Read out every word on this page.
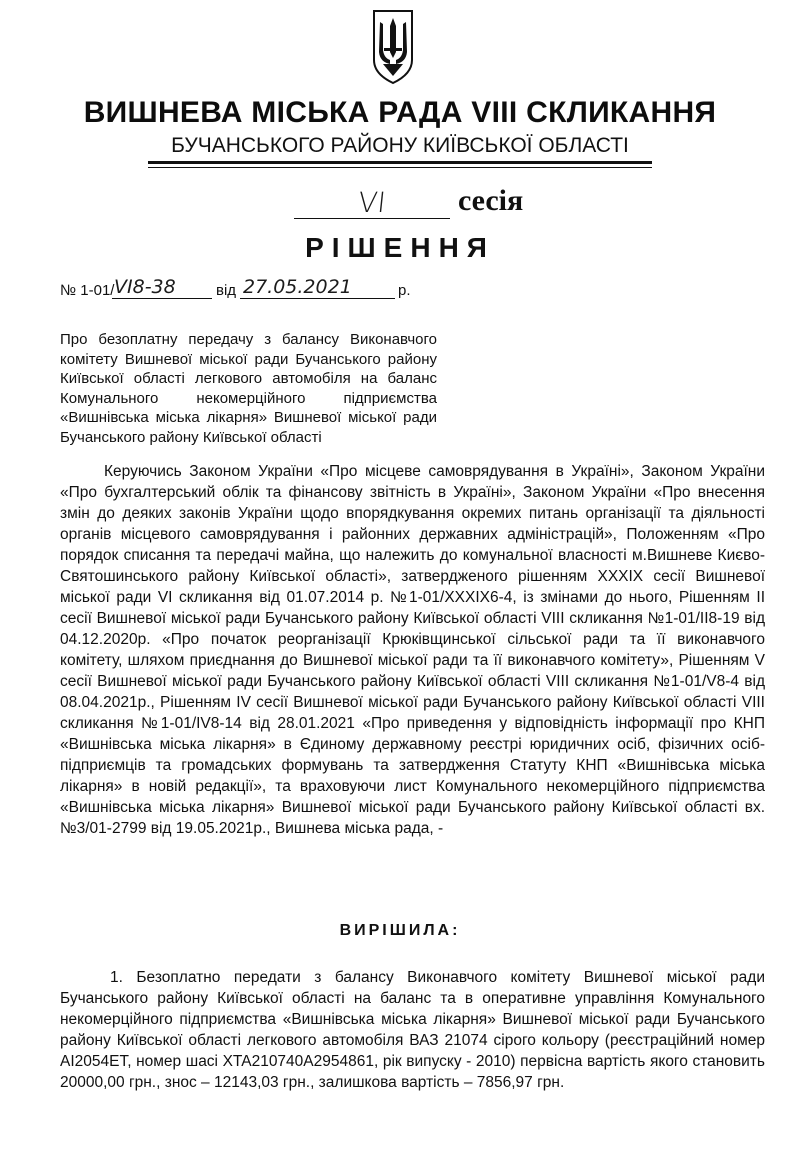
ВИШНЕВА МІСЬКА РАДА VIII СКЛИКАННЯ
БУЧАНСЬКОГО РАЙОНУ КИЇВСЬКОЇ ОБЛАСТІ
VI	сесія
РІШЕННЯ
№ 1-01/ VI8-38	від 27.05.2021	р.
Про безоплатну передачу з балансу Виконавчого комітету Вишневої міської ради Бучанського району Київської області легкового автомобіля на баланс Комунального некомерційного підприємства «Вишнівська міська лікарня» Вишневої міської ради Бучанського району Київської області
Керуючись Законом України «Про місцеве самоврядування в Україні», Законом України «Про бухгалтерський облік та фінансову звітність в Україні», Законом України «Про внесення змін до деяких законів України щодо впорядкування окремих питань організації та діяльності органів місцевого самоврядування і районних державних адміністрацій», Положенням «Про порядок списання та передачі майна, що належить до комунальної власності м.Вишневе Києво-Святошинського району Київської області», затвердженого рішенням XXXIX сесії Вишневої міської ради VI скликання від 01.07.2014 р. №1-01/XXXIX6-4, із змінами до нього, Рішенням II сесії Вишневої міської ради Бучанського району Київської області VIII скликання №1-01/II8-19 від 04.12.2020р. «Про початок реорганізації Крюківщинської сільської ради та її виконавчого комітету, шляхом приєднання до Вишневої міської ради та її виконавчого комітету», Рішенням V сесії Вишневої міської ради Бучанського району Київської області VIII скликання №1-01/V8-4 від 08.04.2021р., Рішенням IV сесії Вишневої міської ради Бучанського району Київської області VIII скликання №1-01/IV8-14 від 28.01.2021 «Про приведення у відповідність інформації про КНП «Вишнівська міська лікарня» в Єдиному державному реєстрі юридичних осіб, фізичних осіб-підприємців та громадських формувань та затвердження Статуту КНП «Вишнівська міська лікарня» в новій редакції», та враховуючи лист Комунального некомерційного підприємства «Вишнівська міська лікарня» Вишневої міської ради Бучанського району Київської області вх. №3/01-2799 від 19.05.2021р., Вишнева міська рада, -
ВИРІШИЛА:
1. Безоплатно передати з балансу Виконавчого комітету Вишневої міської ради Бучанського району Київської області на баланс та в оперативне управління Комунального некомерційного підприємства «Вишнівська міська лікарня» Вишневої міської ради Бучанського району Київської області легкового автомобіля ВАЗ 21074 сірого кольору (реєстраційний номер АІ2054ЕТ, номер шасі XTA210740A2954861, рік випуску - 2010) первісна вартість якого становить 20000,00 грн., знос – 12143,03 грн., залишкова вартість – 7856,97 грн.
